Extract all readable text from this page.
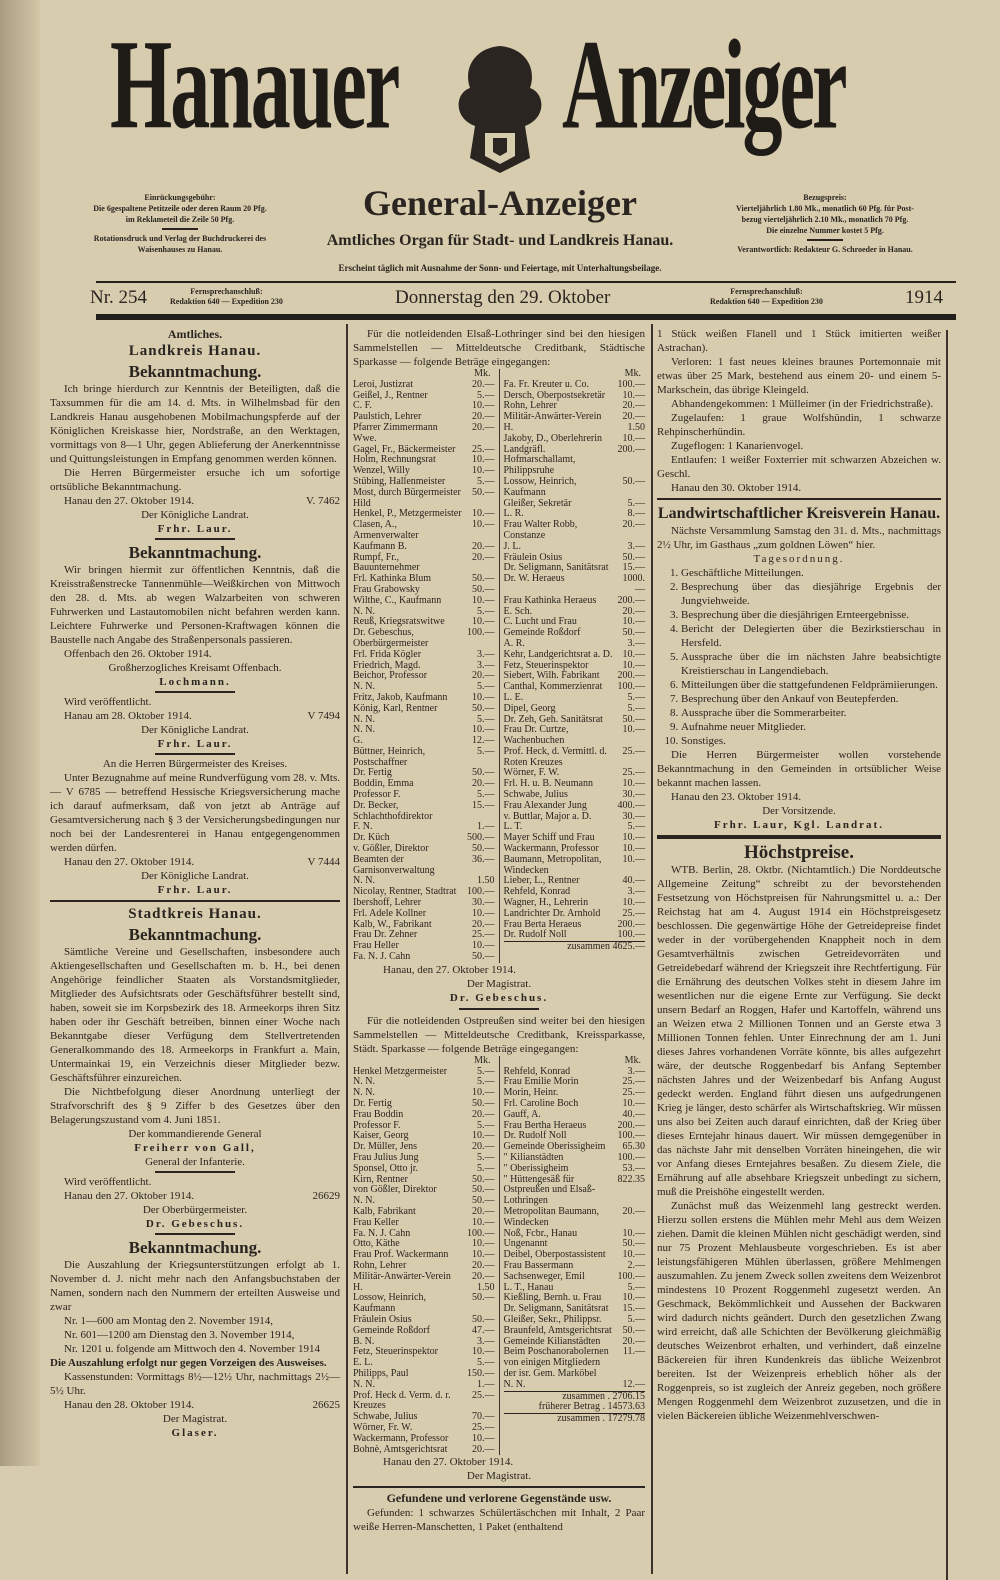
Hanauer Anzeiger
Einrückungsgebühr:
Die 6gespaltene Petitzeile oder deren Raum 20 Pfg.
im Reklameteil die Zeile 50 Pfg.
Rotationsdruck und Verlag der Buchdruckerei des
Waisenhauses zu Hanau.
Bezugspreis:
Vierteljährlich 1.80 Mk., monatlich 60 Pfg. für Post-
bezug vierteljährlich 2.10 Mk., monatlich 70 Pfg.
Die einzelne Nummer kostet 5 Pfg.
Verantwortlich: Redakteur G. Schroeder in Hanau.
General-Anzeiger
Amtliches Organ für Stadt- und Landkreis Hanau.
Erscheint täglich mit Ausnahme der Sonn- und Feiertage, mit Unterhaltungsbeilage.
Nr. 254	Fernsprechanschluß:
Redaktion 640 — Expedition 230	Donnerstag den 29. Oktober	Fernsprechanschluß:
Redaktion 640 — Expedition 230	1914
Amtliches.
Landkreis Hanau.
Bekanntmachung.

Ich bringe hierdurch zur Kenntnis der Beteiligten, daß die Taxsummen für die am 14. d. Mts. in Wilhelmsbad für den Landkreis Hanau ausgehobenen Mobilmachungspferde auf der Königlichen Kreiskasse hier, Nordstraße, an den Werktagen, vormittags von 8—1 Uhr, gegen Ablieferung der Anerkenntnisse und Quittungsleistungen in Empfang genommen werden können.

Die Herren Bürgermeister ersuche ich um sofortige ortsübliche Bekanntmachung.

Hanau den 27. Oktober 1914.	V. 7462
Der Königliche Landrat.
Frhr. Laur.
Bekanntmachung.

Wir bringen hiermit zur öffentlichen Kenntnis, daß die Kreisstraßenstrecke Tannenmühle—Weißkirchen von Mittwoch den 28. d. Mts. ab wegen Walzarbeiten von schweren Fuhrwerken und Lastautomobilen nicht befahren werden kann. Leichtere Fuhrwerke und Personen-Kraftwagen können die Baustelle nach Angabe des Straßenpersonals passieren.

Offenbach den 26. Oktober 1914.
Großherzogliches Kreisamt Offenbach.
Lochmann.
Wird veröffentlicht.
Hanau am 28. Oktober 1914.	V 7494
Der Königliche Landrat.
Frhr. Laur.
An die Herren Bürgermeister des Kreises.

Unter Bezugnahme auf meine Rundverfügung vom 28. v. Mts. — V 6785 — betreffend Hessische Kriegsversicherung mache ich darauf aufmerksam, daß von jetzt ab Anträge auf Gesamtversicherung nach § 3 der Versicherungsbedingungen nur noch bei der Landesrenterei in Hanau entgegengenommen werden dürfen.

Hanau den 27. Oktober 1914.	V 7444
Der Königliche Landrat.
Frhr. Laur.
Stadtkreis Hanau.
Bekanntmachung.

Sämtliche Vereine und Gesellschaften, insbesondere auch Aktiengesellschaften und Gesellschaften m. b. H., bei denen Angehörige feindlicher Staaten als Vorstandsmitglieder, Mitglieder des Aufsichtsrats oder Geschäftsführer bestellt sind, haben, soweit sie im Korpsbezirk des 18. Armeekorps ihren Sitz haben oder ihr Geschäft betreiben, binnen einer Woche nach Bekanntgabe dieser Verfügung dem Stellvertretenden Generalkommando des 18. Armeekorps in Frankfurt a. Main, Untermainkai 19, ein Verzeichnis dieser Mitglieder bezw. Geschäftsführer einzureichen.

Die Nichtbefolgung dieser Anordnung unterliegt der Strafvorschrift des § 9 Ziffer b des Gesetzes über den Belagerungszustand vom 4. Juni 1851.

Der kommandierende General
Freiherr von Gall,
General der Infanterie.
Wird veröffentlicht.
Hanau den 27. Oktober 1914.	26629
Der Oberbürgermeister.
Dr. Gebeschus.
Bekanntmachung.

Die Auszahlung der Kriegsunterstützungen erfolgt ab 1. November d. J. nicht mehr nach den Anfangsbuchstaben der Namen, sondern nach den Nummern der erteilten Ausweise und zwar

Nr. 1—600 am Montag den 2. November 1914,
Nr. 601—1200 am Dienstag den 3. November 1914,
Nr. 1201 u. folgende am Mittwoch den 4. November 1914
Die Auszahlung erfolgt nur gegen Vorzeigen des Ausweises.

Kassenstunden: Vormittags 8½—12½ Uhr, nachmittags 2½—5½ Uhr.

Hanau den 28. Oktober 1914.	26625
Der Magistrat.
Glaser.

Für die notleidenden Elsaß-Lothringer sind bei den hiesigen Sammelstellen — Mitteldeutsche Creditbank, Städtische Sparkasse — folgende Beträge eingegangen:

Mk.
Leroi, Justizrat	20.—
Geißel, J., Rentner	5.—
C. F.	10.—
Paulstich, Lehrer	20.—
Pfarrer Zimmermann Wwe.
20.—
Gagel, Fr., Bäckermeister	25.—
Holm, Rechnungsrat	10.—
Wenzel, Willy	10.—
Stübing, Hallenmeister	5.—
Most, durch Bürgermeister Hild
50.—
Henkel, P., Metzgermeister	10.—
Clasen, A., Armenverwalter
10.—
Kaufmann B.	20.—
Rumpf, Fr., Bauunternehmer
20.—
Frl. Kathinka Blum	50.—
Frau Grabowsky	50.—
Wilthe, C., Kaufmann	10.—
N. N.	5.—
Reuß, Kriegsratswitwe	10.—
Dr. Gebeschus, Oberbürgermeister
100.—
Frl. Frida Kögler	3.—
Friedrich, Magd.	3.—
Beichor, Professor	20.—
N. N.	5.—
Fritz, Jakob, Kaufmann	10.—
König, Karl, Rentner	50.—
N. N.	5.—
N. N.	10.—
G.	12.—
Büttner, Heinrich, Postschaffner
5.—
Dr. Fertig	50.—
Boddin, Emma	20.—
Professor F.	5.—
Dr. Becker, Schlachthofdirektor
15.—
F. N.	1.—
Dr. Küch	500.—
v. Gößler, Direktor	50.—
Beamten der Garnisonverwaltung
36.—
N. N.	1.50
Nicolay, Rentner, Stadtrat	100.—
Ibershoff, Lehrer	30.—
Frl. Adele Kollner	10.—
Kalb, W., Fabrikant	20.—
Frau Dr. Zehner	25.—
Frau Heller	10.—
Fa. N. J. Cahn	50.—
Mk.
Fa. Fr. Kreuter u. Co.	100.—
Dersch, Oberpostsekretär	10.—
Rohn, Lehrer	20.—
Militär-Anwärter-Verein	20.—
H.	1.50
Jakoby, D., Oberlehrerin	10.—
Landgräfl. Hofmarschallamt, Philippsruhe
200.—
Lossow, Heinrich, Kaufmann
50.—
Gleißer, Sekretär	5.—
L. R.	8.—
Frau Walter Robb, Constanze
20.—
J. L.	3.—
Fräulein Osius	50.—
Dr. Seligmann, Sanitätsrat	15.—
Dr. W. Heraeus	1000.—
Frau Kathinka Heraeus	200.—
E. Sch.	20.—
C. Lucht und Frau	10.—
Gemeinde Roßdorf	50.—
A. R.	3.—
Kehr, Landgerichtsrat a. D.	10.—
Fetz, Steuerinspektor	10.—
Siebert, Wilh. Fabrikant	200.—
Canthal, Kommerzienrat	100.—
L. E.	5.—
Dipel, Georg	5.—
Dr. Zeh, Geh. Sanitätsrat	50.—
Frau Dr. Curtze, Wachenbuchen
10.—
Prof. Heck, d. Vermittl. d. Roten Kreuzes
25.—
Wörner, F. W.	25.—
Frl. H. u. B. Neumann	10.—
Schwabe, Julius	30.—
Frau Alexander Jung	400.—
v. Buttlar, Major a. D.	30.—
L. T.	5.—
Mayer Schiff und Frau	10.—
Wackermann, Professor	10.—
Baumann, Metropolitan, Windecken
10.—
Lieber, L., Rentner	40.—
Rehfeld, Konrad	3.—
Wagner, H., Lehrerin	10.—
Landrichter Dr. Arnhold	25.—
Frau Berta Heraeus	200.—
Dr. Rudolf Noll	100.—
zusammen 4625.—
Hanau, den 27. Oktober 1914.
Der Magistrat.
Dr. Gebeschus.

Für die notleidenden Ostpreußen sind weiter bei den hiesigen Sammelstellen — Mitteldeutsche Creditbank, Kreissparkasse, Städt. Sparkasse — folgende Beträge eingegangen:

Mk.
Henkel Metzgermeister	5.—
N. N.	5.—
N. N.	10.—
Dr. Fertig	50.—
Frau Boddin	20.—
Professor F.	5.—
Kaiser, Georg	10.—
Dr. Müller, Jens	20.—
Frau Julius Jung	5.—
Sponsel, Otto jr.	5.—
Kirn, Rentner	50.—
von Gößler, Direktor	50.—
N. N.	50.—
Kalb, Fabrikant	20.—
Frau Keller	10.—
Fa. N. J. Cahn	100.—
Otto, Käthe	10.—
Frau Prof. Wackermann	10.—
Rohn, Lehrer	20.—
Militär-Anwärter-Verein	20.—
H.	1.50
Lossow, Heinrich, Kaufmann
50.—
Fräulein Osius	50.—
Gemeinde Roßdorf	47.—
B. N.	3.—
Fetz, Steuerinspektor	10.—
E. L.	5.—
Philipps, Paul	150.—
N. N.	1.—
Prof. Heck d. Verm. d. r. Kreuzes
25.—
Schwabe, Julius	70.—
Wörner, Fr. W.	25.—
Wackermann, Professor	10.—
Bohnè, Amtsgerichtsrat	20.—
Mk.
Rehfeld, Konrad	3.—
Frau Emilie Morin	25.—
Morin, Heinr.	25.—
Frl. Caroline Boch	10.—
Gauff, A.	40.—
Frau Bertha Heraeus	200.—
Dr. Rudolf Noll	100.—
Gemeinde Oberissigheim	65.30
" Kilianstädten	100.—
" Oberissigheim	53.—
" Hüttengesäß für Ostpreußen und Elsaß-Lothringen
822.35
Metropolitan Baumann, Windecken
20.—
Noß, Fcbr., Hanau	10.—
Ungenannt	50.—
Deibel, Oberpostassistent	10.—
Frau Bassermann	2.—
Sachsenweger, Emil	100.—
L. T., Hanau	5.—
Kießling, Bernh. u. Frau	10.—
Dr. Seligmann, Sanitätsrat	15.—
Gleißer, Sekr., Philippsr.	5.—
Braunfeld, Amtsgerichtsrat	50.—
Gemeinde Kilianstädten	20.—
Beim Poschanorabolernen von einigen Mitgliedern der isr. Gem. Marköbel
11.—
N. N.	12.—
zusammen . 2706.15
früherer Betrag . 14573.63
zusammen . 17279.78
Hanau den 27. Oktober 1914.
Der Magistrat.
Gefundene und verlorene Gegenstände usw.

Gefunden: 1 schwarzes Schülertäschchen mit Inhalt, 2 Paar weiße Herren-Manschetten, 1 Paket (enthaltend

1 Stück weißen Flanell und 1 Stück imitierten weißer Astrachan).

Verloren: 1 fast neues kleines braunes Portemonnaie mit etwas über 25 Mark, bestehend aus einem 20- und einem 5-Markschein, das übrige Kleingeld.

Abhandengekommen: 1 Mülleimer (in der Friedrichstraße).

Zugelaufen: 1 graue Wolfshündin, 1 schwarze Rehpinscherhündin.

Zugeflogen: 1 Kanarienvogel.

Entlaufen: 1 weißer Foxterrier mit schwarzen Abzeichen w. Geschl.

Hanau den 30. Oktober 1914.

Landwirtschaftlicher Kreisverein Hanau.

Nächste Versammlung Samstag den 31. d. Mts., nachmittags 2½ Uhr, im Gasthaus „zum goldnen Löwen“ hier.

Tagesordnung.
1. Geschäftliche Mitteilungen.
2. Besprechung über das diesjährige Ergebnis der Jungviehweide.
3. Besprechung über die diesjährigen Ernteergebnisse.
4. Bericht der Delegierten über die Bezirkstierschau in Hersfeld.
5. Aussprache über die im nächsten Jahre beabsichtigte Kreistierschau in Langendiebach.
6. Mitteilungen über die stattgefundenen Feldprämiierungen.
7. Besprechung über den Ankauf von Beutepferden.
8. Aussprache über die Sommerarbeiter.
9. Aufnahme neuer Mitglieder.
10. Sonstiges.

Die Herren Bürgermeister wollen vorstehende Bekanntmachung in den Gemeinden in ortsüblicher Weise bekannt machen lassen.

Hanau den 23. Oktober 1914.

Der Vorsitzende.
Frhr. Laur, Kgl. Landrat.
Höchstpreise.

WTB. Berlin, 28. Oktbr. (Nichtamtlich.) Die Norddeutsche Allgemeine Zeitung“ schreibt zu der bevorstehenden Festsetzung von Höchstpreisen für Nahrungsmittel u. a.: Der Reichstag hat am 4. August 1914 ein Höchstpreisgesetz beschlossen. Die gegenwärtige Höhe der Getreidepreise findet weder in der vorübergehenden Knappheit noch in dem Gesamtverhältnis zwischen Getreidevorräten und Getreidebedarf während der Kriegszeit ihre Rechtfertigung. Für die Ernährung des deutschen Volkes steht in diesem Jahre im wesentlichen nur die eigene Ernte zur Verfügung. Sie deckt unsern Bedarf an Roggen, Hafer und Kartoffeln, während uns an Weizen etwa 2 Millionen Tonnen und an Gerste etwa 3 Millionen Tonnen fehlen. Unter Einrechnung der am 1. Juni dieses Jahres vorhandenen Vorräte könnte, bis alles aufgezehrt wäre, der deutsche Roggenbedarf bis Anfang September nächsten Jahres und der Weizenbedarf bis Anfang August gedeckt werden. England führt diesen uns aufgedrungenen Krieg je länger, desto schärfer als Wirtschaftskrieg. Wir müssen uns also bei Zeiten auch darauf einrichten, daß der Krieg über dieses Erntejahr hinaus dauert. Wir müssen demgegenüber in das nächste Jahr mit denselben Vorräten hineingehen, die wir vor Anfang dieses Erntejahres besaßen. Zu diesem Ziele, die Ernährung auf alle absehbare Kriegszeit unbedingt zu sichern, muß die Preishöhe eingestellt werden.

Zunächst muß das Weizenmehl lang gestreckt werden. Hierzu sollen erstens die Mühlen mehr Mehl aus dem Weizen ziehen. Damit die kleinen Mühlen nicht geschädigt werden, sind nur 75 Prozent Mehlausbeute vorgeschrieben. Es ist aber leistungsfähigeren Mühlen überlassen, größere Mehlmengen auszumahlen. Zu jenem Zweck sollen zweitens dem Weizenbrot mindestens 10 Prozent Roggenmehl zugesetzt werden. An Geschmack, Bekömmlichkeit und Aussehen der Backwaren wird dadurch nichts geändert. Durch den gesetzlichen Zwang wird erreicht, daß alle Schichten der Bevölkerung gleichmäßig deutsches Weizenbrot erhalten, und verhindert, daß einzelne Bäckereien für ihren Kundenkreis das übliche Weizenbrot bereiten. Ist der Weizenpreis erheblich höher als der Roggenpreis, so ist zugleich der Anreiz gegeben, noch größere Mengen Roggenmehl dem Weizenbrot zuzusetzen, und die in vielen Bäckereien übliche Weizenmehlverschwen-
